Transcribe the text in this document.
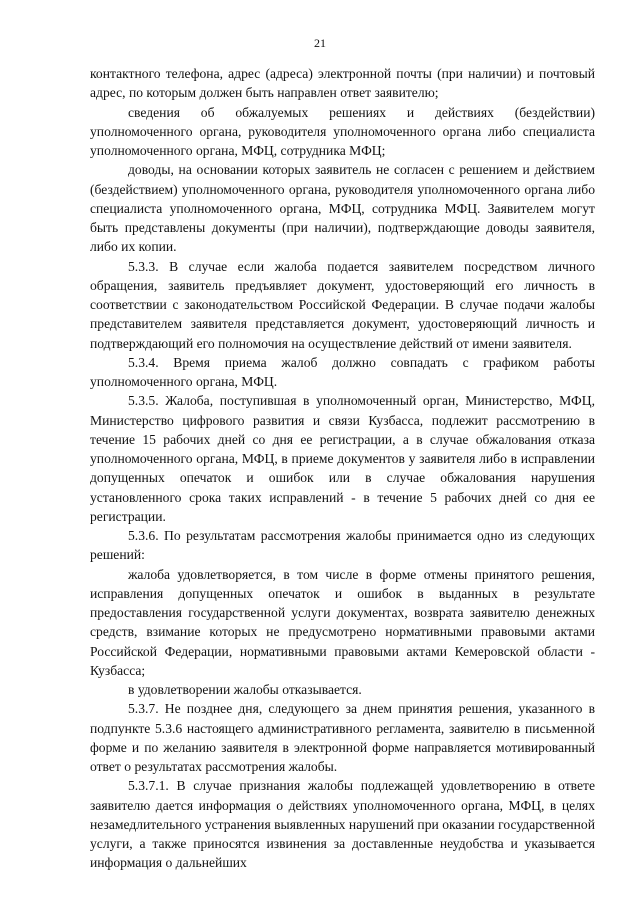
21

контактного телефона, адрес (адреса) электронной почты (при наличии) и почтовый адрес, по которым должен быть направлен ответ заявителю;

сведения об обжалуемых решениях и действиях (бездействии) уполномоченного органа, руководителя уполномоченного органа либо специалиста уполномоченного органа, МФЦ, сотрудника МФЦ;

доводы, на основании которых заявитель не согласен с решением и действием (бездействием) уполномоченного органа, руководителя уполномоченного органа либо специалиста уполномоченного органа, МФЦ, сотрудника МФЦ. Заявителем могут быть представлены документы (при наличии), подтверждающие доводы заявителя, либо их копии.

5.3.3. В случае если жалоба подается заявителем посредством личного обращения, заявитель предъявляет документ, удостоверяющий его личность в соответствии с законодательством Российской Федерации. В случае подачи жалобы представителем заявителя представляется документ, удостоверяющий личность и подтверждающий его полномочия на осуществление действий от имени заявителя.

5.3.4. Время приема жалоб должно совпадать с графиком работы уполномоченного органа, МФЦ.

5.3.5. Жалоба, поступившая в уполномоченный орган, Министерство, МФЦ, Министерство цифрового развития и связи Кузбасса, подлежит рассмотрению в течение 15 рабочих дней со дня ее регистрации, а в случае обжалования отказа уполномоченного органа, МФЦ, в приеме документов у заявителя либо в исправлении допущенных опечаток и ошибок или в случае обжалования нарушения установленного срока таких исправлений - в течение 5 рабочих дней со дня ее регистрации.

5.3.6. По результатам рассмотрения жалобы принимается одно из следующих решений:

жалоба удовлетворяется, в том числе в форме отмены принятого решения, исправления допущенных опечаток и ошибок в выданных в результате предоставления государственной услуги документах, возврата заявителю денежных средств, взимание которых не предусмотрено нормативными правовыми актами Российской Федерации, нормативными правовыми актами Кемеровской области - Кузбасса;

в удовлетворении жалобы отказывается.

5.3.7. Не позднее дня, следующего за днем принятия решения, указанного в подпункте 5.3.6 настоящего административного регламента, заявителю в письменной форме и по желанию заявителя в электронной форме направляется мотивированный ответ о результатах рассмотрения жалобы.

5.3.7.1. В случае признания жалобы подлежащей удовлетворению в ответе заявителю дается информация о действиях уполномоченного органа, МФЦ, в целях незамедлительного устранения выявленных нарушений при оказании государственной услуги, а также приносятся извинения за доставленные неудобства и указывается информация о дальнейших
